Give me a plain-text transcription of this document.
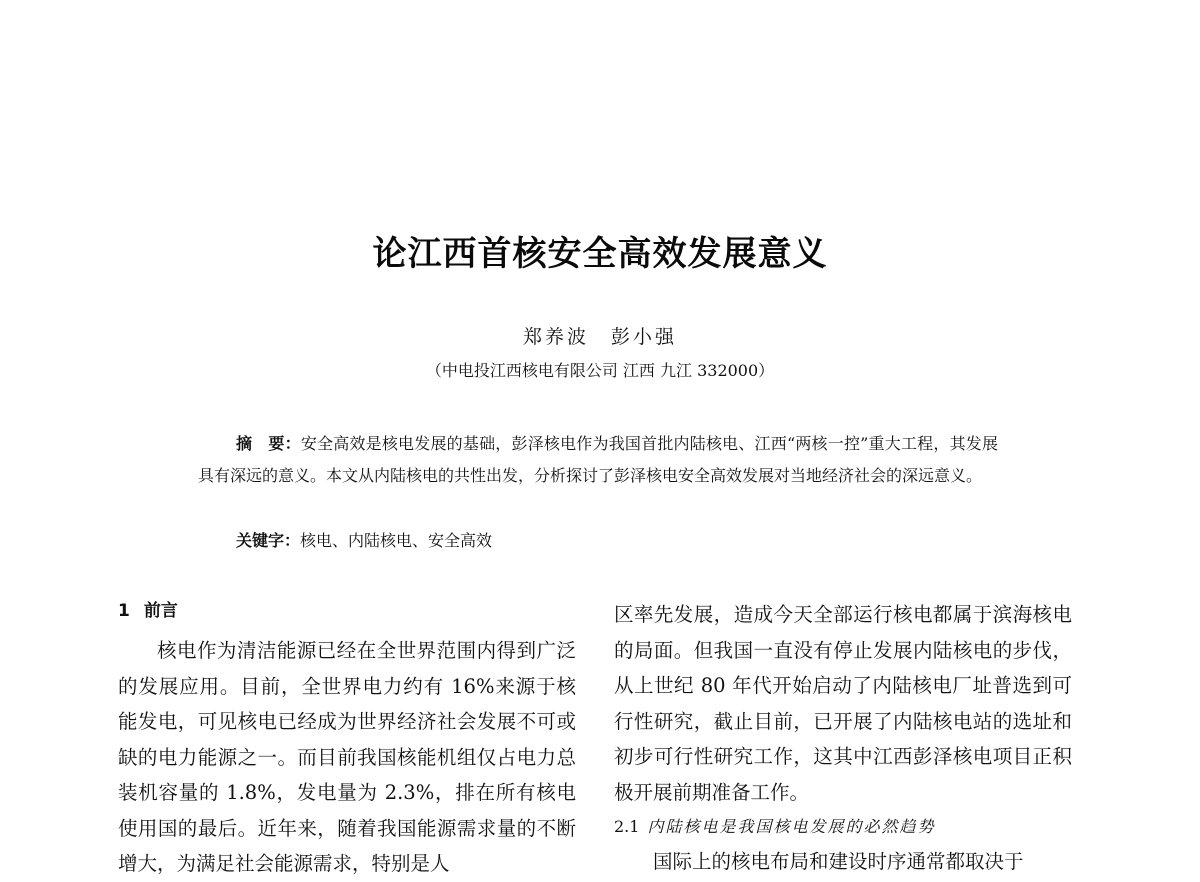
论江西首核安全高效发展意义
郑养波 彭小强
（中电投江西核电有限公司 江西 九江 332000）
摘　要：安全高效是核电发展的基础，彭泽核电作为我国首批内陆核电、江西“两核一控”重大工程，其发展具有深远的意义。本文从内陆核电的共性出发，分析探讨了彭泽核电安全高效发展对当地经济社会的深远意义。
关键字：核电、内陆核电、安全高效
1 前言

核电作为清洁能源已经在全世界范围内得到广泛的发展应用。目前，全世界电力约有 16%来源于核能发电，可见核电已经成为世界经济社会发展不可或缺的电力能源之一。而目前我国核能机组仅占电力总装机容量的 1.8%，发电量为 2.3%，排在所有核电使用国的最后。近年来，随着我国能源需求量的不断增大，为满足社会能源需求，特别是人

区率先发展，造成今天全部运行核电都属于滨海核电的局面。但我国一直没有停止发展内陆核电的步伐，从上世纪 80 年代开始启动了内陆核电厂址普选到可行性研究，截止目前，已开展了内陆核电站的选址和初步可行性研究工作，这其中江西彭泽核电项目正积极开展前期准备工作。

2.1 内陆核电是我国核电发展的必然趋势

国际上的核电布局和建设时序通常都取决于
